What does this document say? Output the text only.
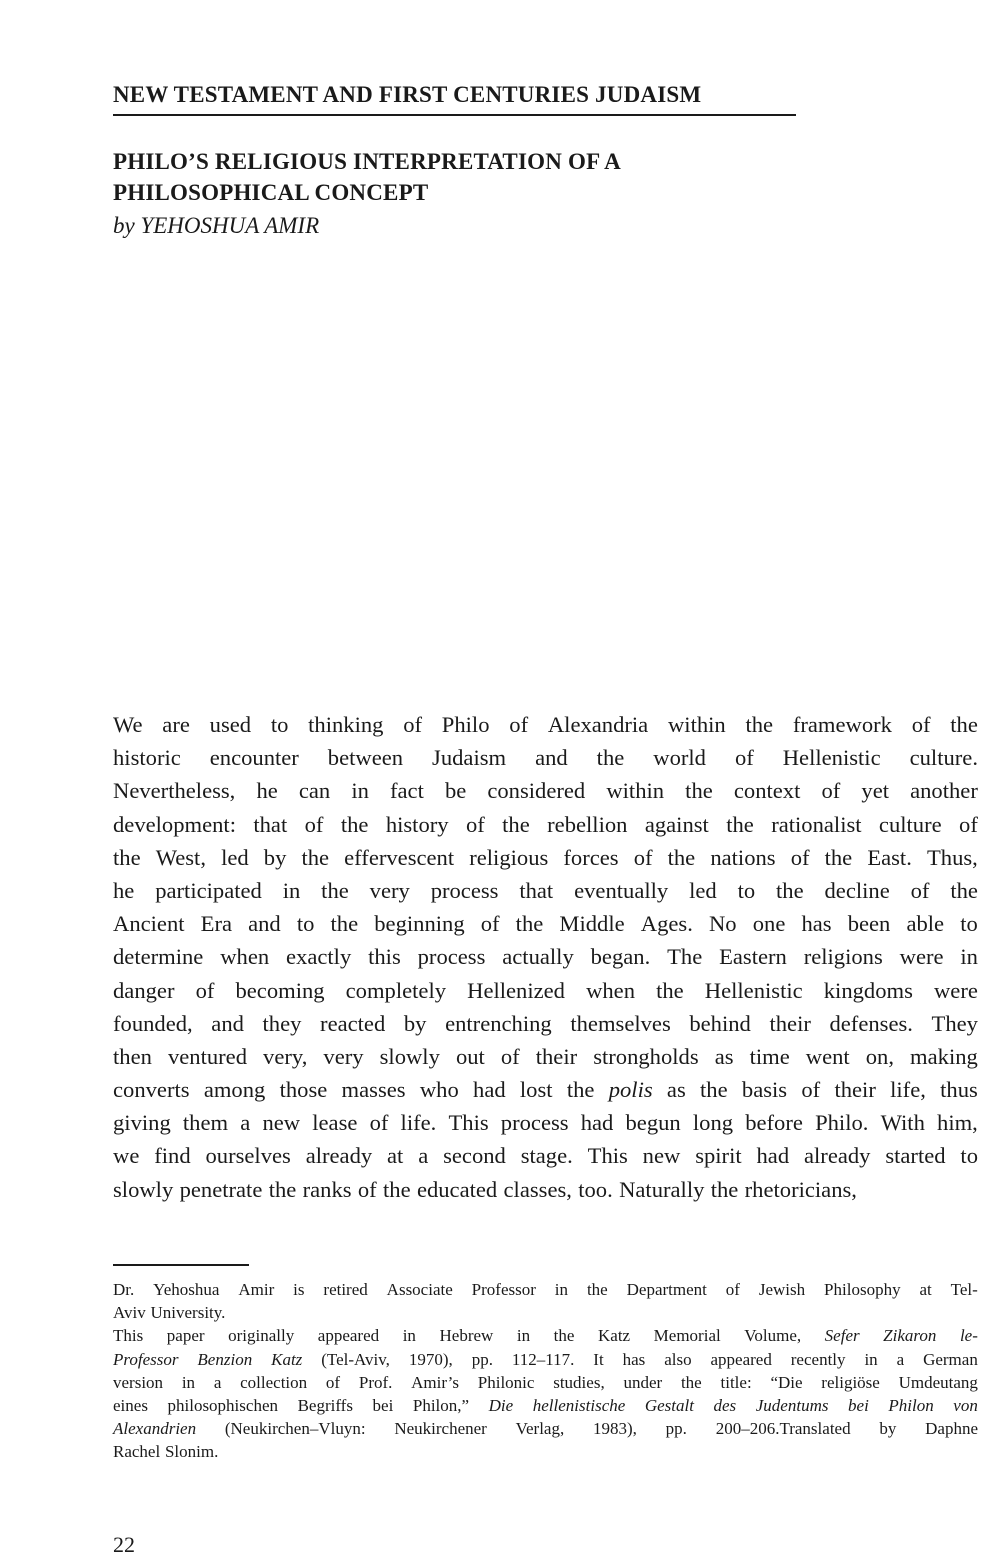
NEW TESTAMENT AND FIRST CENTURIES JUDAISM
PHILO’S RELIGIOUS INTERPRETATION OF A
PHILOSOPHICAL CONCEPT
by YEHOSHUA AMIR
We are used to thinking of Philo of Alexandria within the framework of the
historic encounter between Judaism and the world of Hellenistic culture.
Nevertheless, he can in fact be considered within the context of yet another
development: that of the history of the rebellion against the rationalist culture of
the West, led by the effervescent religious forces of the nations of the East. Thus,
he participated in the very process that eventually led to the decline of the
Ancient Era and to the beginning of the Middle Ages. No one has been able to
determine when exactly this process actually began. The Eastern religions were in
danger of becoming completely Hellenized when the Hellenistic kingdoms were
founded, and they reacted by entrenching themselves behind their defenses. They
then ventured very, very slowly out of their strongholds as time went on, making
converts among those masses who had lost the polis as the basis of their life, thus
giving them a new lease of life. This process had begun long before Philo. With him,
we find ourselves already at a second stage. This new spirit had already started to
slowly penetrate the ranks of the educated classes, too. Naturally the rhetoricians,
Dr. Yehoshua Amir is retired Associate Professor in the Department of Jewish Philosophy at Tel-
Aviv University.
This paper originally appeared in Hebrew in the Katz Memorial Volume, Sefer Zikaron le-
Professor Benzion Katz (Tel-Aviv, 1970), pp. 112–117. It has also appeared recently in a German
version in a collection of Prof. Amir’s Philonic studies, under the title: “Die religiöse Umdeutang
eines philosophischen Begriffs bei Philon,” Die hellenistische Gestalt des Judentums bei Philon von
Alexandrien (Neukirchen–Vluyn: Neukirchener Verlag, 1983), pp. 200–206.Translated by Daphne
Rachel Slonim.
22
